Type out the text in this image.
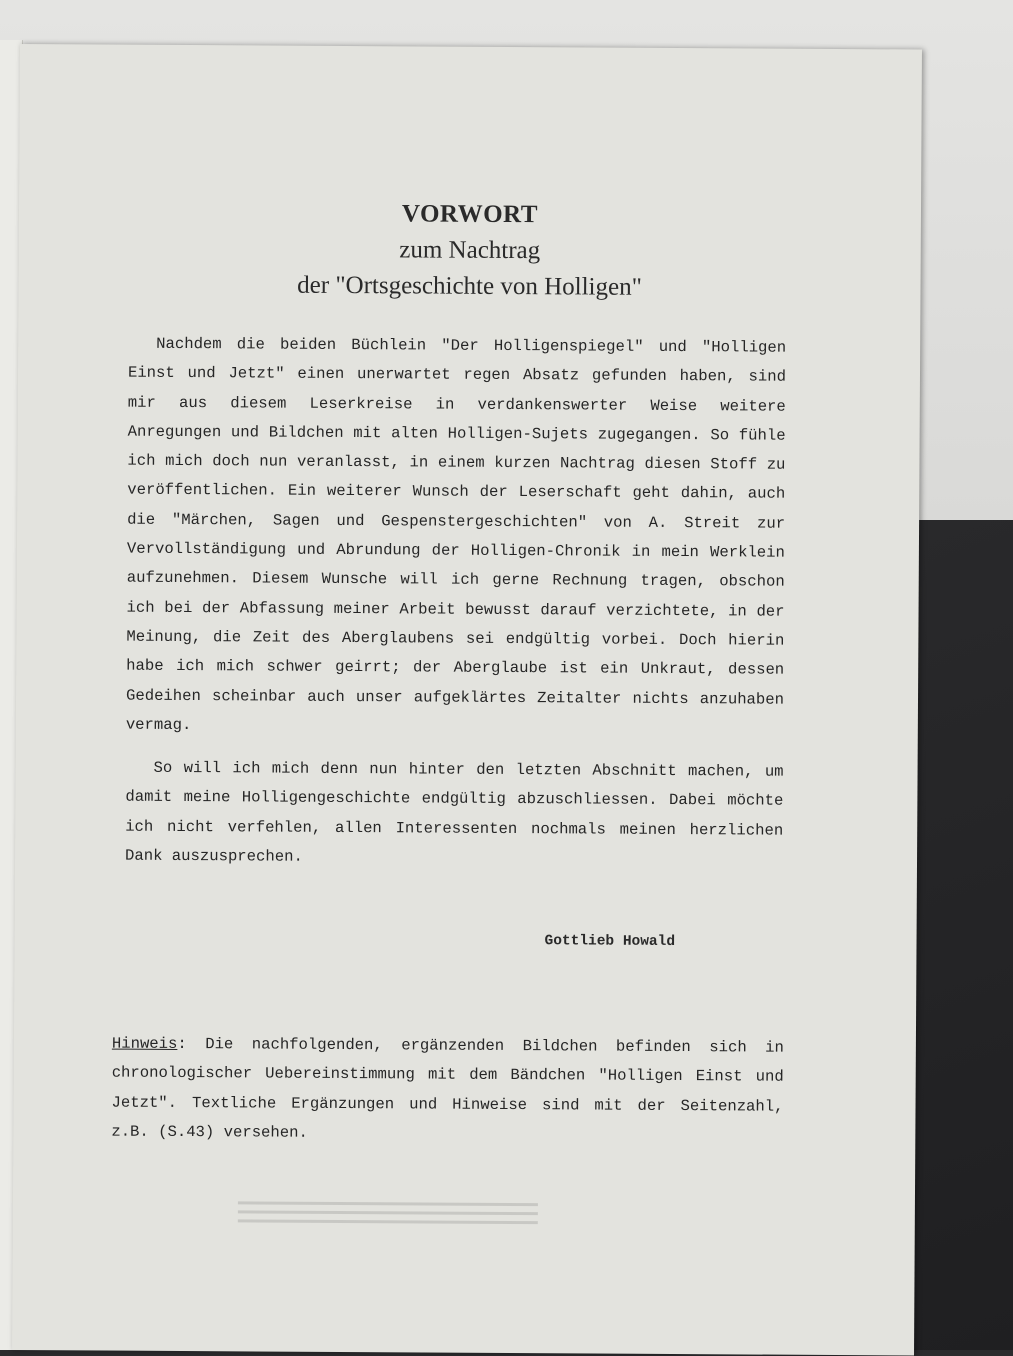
VORWORT
zum Nachtrag
der "Ortsgeschichte von Holligen"

Nachdem die beiden Büchlein "Der Holligenspiegel" und "Holligen Einst und Jetzt" einen unerwartet regen Absatz gefunden haben, sind mir aus diesem Leserkreise in verdankenswerter Weise weitere Anregungen und Bildchen mit alten Holligen-Sujets zugegangen. So fühle ich mich doch nun veranlasst, in einem kurzen Nachtrag diesen Stoff zu veröffentlichen. Ein weiterer Wunsch der Leserschaft geht dahin, auch die "Märchen, Sagen und Gespenstergeschichten" von A. Streit zur Vervollständigung und Abrundung der Holligen-Chronik in mein Werklein aufzunehmen. Diesem Wunsche will ich gerne Rechnung tragen, obschon ich bei der Abfassung meiner Arbeit bewusst darauf verzichtete, in der Meinung, die Zeit des Aberglaubens sei endgültig vorbei. Doch hierin habe ich mich schwer geirrt; der Aberglaube ist ein Unkraut, dessen Gedeihen scheinbar auch unser aufgeklärtes Zeitalter nichts anzuhaben vermag.

So will ich mich denn nun hinter den letzten Abschnitt machen, um damit meine Holligengeschichte endgültig abzuschliessen. Dabei möchte ich nicht verfehlen, allen Interessenten nochmals meinen herzlichen Dank auszusprechen.

Gottlieb Howald
Hinweis: Die nachfolgenden, ergänzenden Bildchen befinden sich in chronologischer Uebereinstimmung mit dem Bändchen "Holligen Einst und Jetzt". Textliche Ergänzungen und Hinweise sind mit der Seitenzahl, z.B. (S.43) versehen.
